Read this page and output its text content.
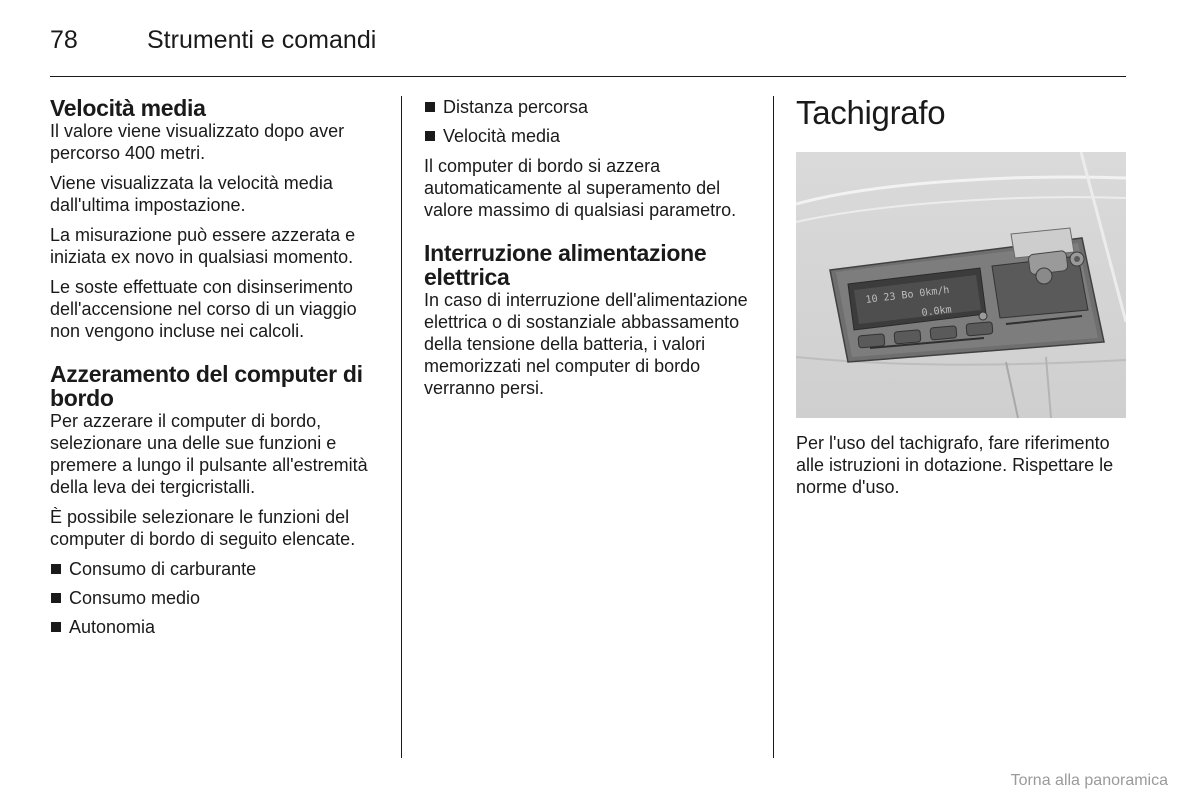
78	Strumenti e comandi
Velocità media

Il valore viene visualizzato dopo aver percorso 400 metri.

Viene visualizzata la velocità media dall'ultima impostazione.

La misurazione può essere azzerata e iniziata ex novo in qualsiasi momento.

Le soste effettuate con disinserimento dell'accensione nel corso di un viaggio non vengono incluse nei calcoli.

Azzeramento del computer di bordo

Per azzerare il computer di bordo, selezionare una delle sue funzioni e premere a lungo il pulsante all'estremità della leva dei tergicristalli.

È possibile selezionare le funzioni del computer di bordo di seguito elencate.

Consumo di carburante
Consumo medio
Autonomia
Distanza percorsa
Velocità media

Il computer di bordo si azzera automaticamente al superamento del valore massimo di qualsiasi parametro.

Interruzione alimentazione elettrica

In caso di interruzione dell'alimentazione elettrica o di sostanziale abbassamento della tensione della batteria, i valori memorizzati nel computer di bordo verranno persi.

Tachigrafo
10 23 Bo 0km/h
0.0km

Per l'uso del tachigrafo, fare riferimento alle istruzioni in dotazione. Rispettare le norme d'uso.

Torna alla panoramica
